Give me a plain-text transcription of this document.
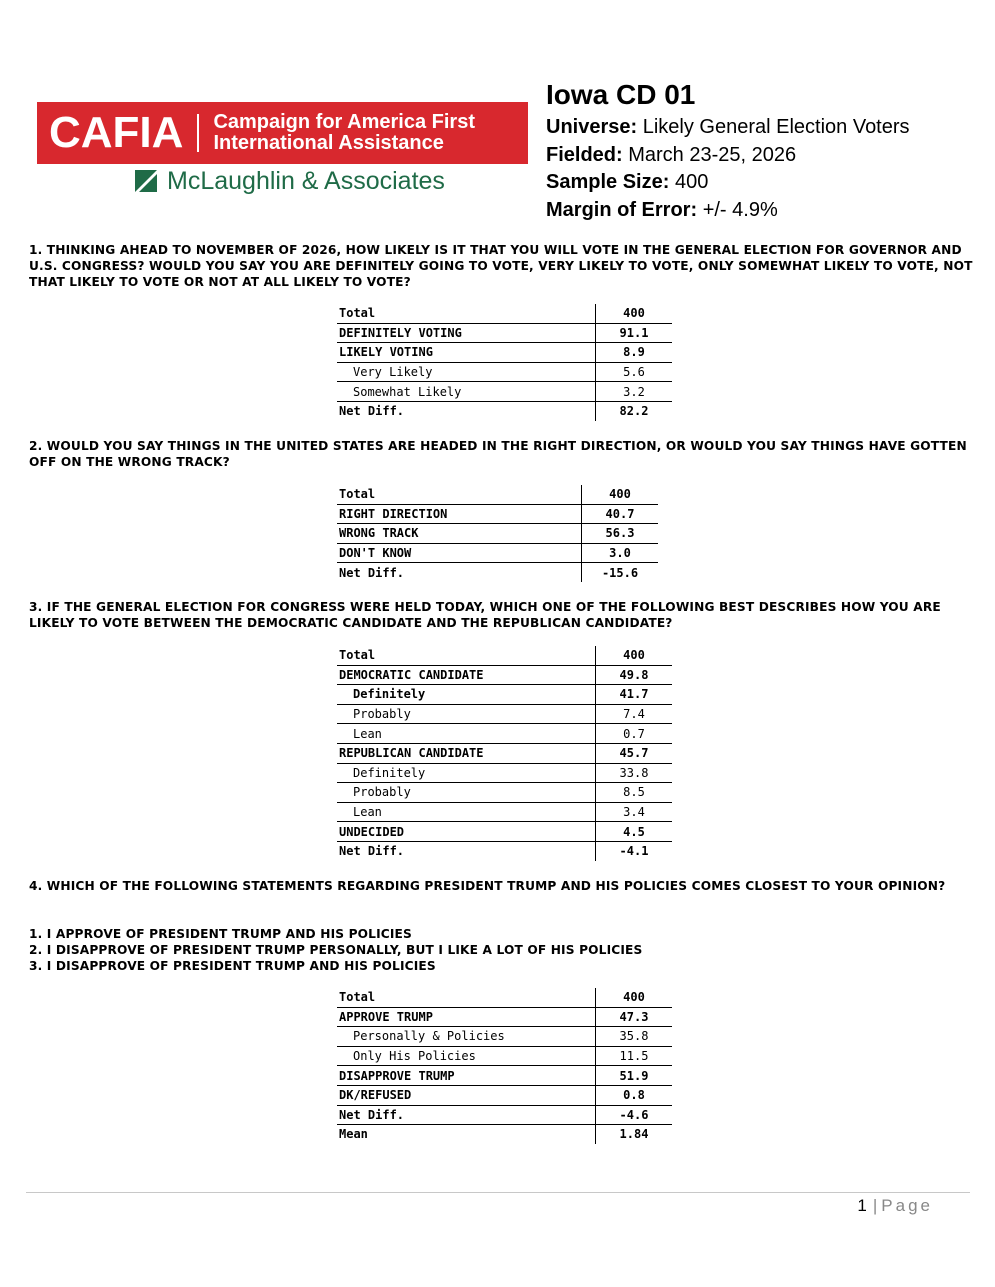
CAFIA Campaign for America First
International Assistance
McLaughlin & Associates
Iowa CD 01
Universe: Likely General Election Voters
Fielded: March 23-25, 2026
Sample Size: 400
Margin of Error: +/- 4.9%
1. THINKING AHEAD TO NOVEMBER OF 2026, HOW LIKELY IS IT THAT YOU WILL VOTE IN THE GENERAL ELECTION FOR GOVERNOR AND U.S. CONGRESS? WOULD YOU SAY YOU ARE DEFINITELY GOING TO VOTE, VERY LIKELY TO VOTE, ONLY SOMEWHAT LIKELY TO VOTE, NOT THAT LIKELY TO VOTE OR NOT AT ALL LIKELY TO VOTE?
Total	400
DEFINITELY VOTING	91.1
LIKELY VOTING	8.9
Very Likely	5.6
Somewhat Likely	3.2
Net Diff.	82.2
2. WOULD YOU SAY THINGS IN THE UNITED STATES ARE HEADED IN THE RIGHT DIRECTION, OR WOULD YOU SAY THINGS HAVE GOTTEN OFF ON THE WRONG TRACK?
Total	400
RIGHT DIRECTION	40.7
WRONG TRACK	56.3
DON'T KNOW	3.0
Net Diff.	-15.6
3. IF THE GENERAL ELECTION FOR CONGRESS WERE HELD TODAY, WHICH ONE OF THE FOLLOWING BEST DESCRIBES HOW YOU ARE LIKELY TO VOTE BETWEEN THE DEMOCRATIC CANDIDATE AND THE REPUBLICAN CANDIDATE?
Total	400
DEMOCRATIC CANDIDATE	49.8
Definitely	41.7
Probably	7.4
Lean	0.7
REPUBLICAN CANDIDATE	45.7
Definitely	33.8
Probably	8.5
Lean	3.4
UNDECIDED	4.5
Net Diff.	-4.1
4. WHICH OF THE FOLLOWING STATEMENTS REGARDING PRESIDENT TRUMP AND HIS POLICIES COMES CLOSEST TO YOUR OPINION?
1. I APPROVE OF PRESIDENT TRUMP AND HIS POLICIES
2. I DISAPPROVE OF PRESIDENT TRUMP PERSONALLY, BUT I LIKE A LOT OF HIS POLICIES
3. I DISAPPROVE OF PRESIDENT TRUMP AND HIS POLICIES
Total	400
APPROVE TRUMP	47.3
Personally & Policies	35.8
Only His Policies	11.5
DISAPPROVE TRUMP	51.9
DK/REFUSED	0.8
Net Diff.	-4.6
Mean	1.84
1 | Page
